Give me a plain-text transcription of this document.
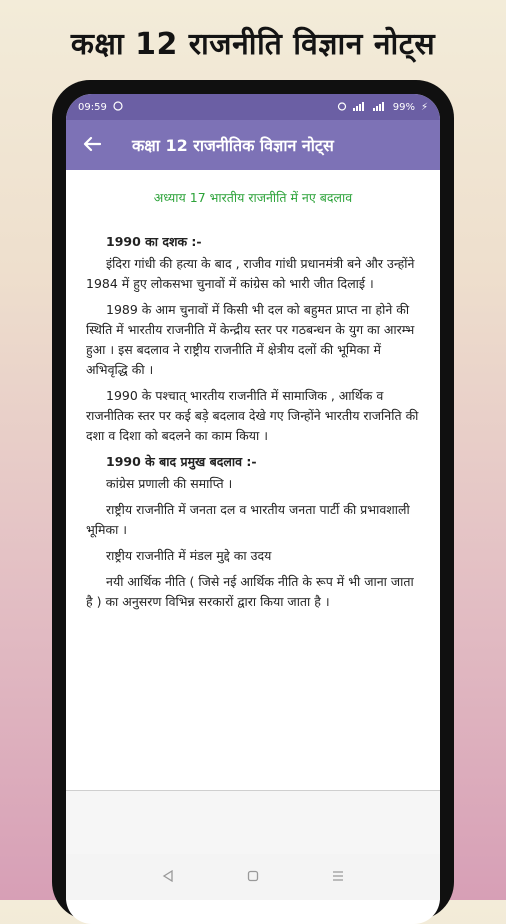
कक्षा 12 राजनीति विज्ञान नोट्स
09:59	99% ⚡
कक्षा 12 राजनीतिक विज्ञान नोट्स
अध्याय 17 भारतीय राजनीति में नए बदलाव
1990 का दशक :-

इंदिरा गांधी की हत्या के बाद , राजीव गांधी प्रधानमंत्री बने और उन्होंने 1984 में हुए लोकसभा चुनावों में कांग्रेस को भारी जीत दिलाई ।

1989 के आम चुनावों में किसी भी दल को बहुमत प्राप्त ना होने की स्थिति में भारतीय राजनीति में केन्द्रीय स्तर पर गठबन्धन के युग का आरम्भ हुआ । इस बदलाव ने राष्ट्रीय राजनीति में क्षेत्रीय दलों की भूमिका में अभिवृद्धि की ।

1990 के पश्चात् भारतीय राजनीति में सामाजिक , आर्थिक व राजनीतिक स्तर पर कई बड़े बदलाव देखे गए जिन्होंने भारतीय राजनिति की दशा व दिशा को बदलने का काम किया ।

1990 के बाद प्रमुख बदलाव :-

कांग्रेस प्रणाली की समाप्ति ।

राष्ट्रीय राजनीति में जनता दल व भारतीय जनता पार्टी की प्रभावशाली भूमिका ।

राष्ट्रीय राजनीति में मंडल मुद्दे का उदय

नयी आर्थिक नीति ( जिसे नई आर्थिक नीति के रूप में भी जाना जाता है ) का अनुसरण विभिन्न सरकारों द्वारा किया जाता है ।
